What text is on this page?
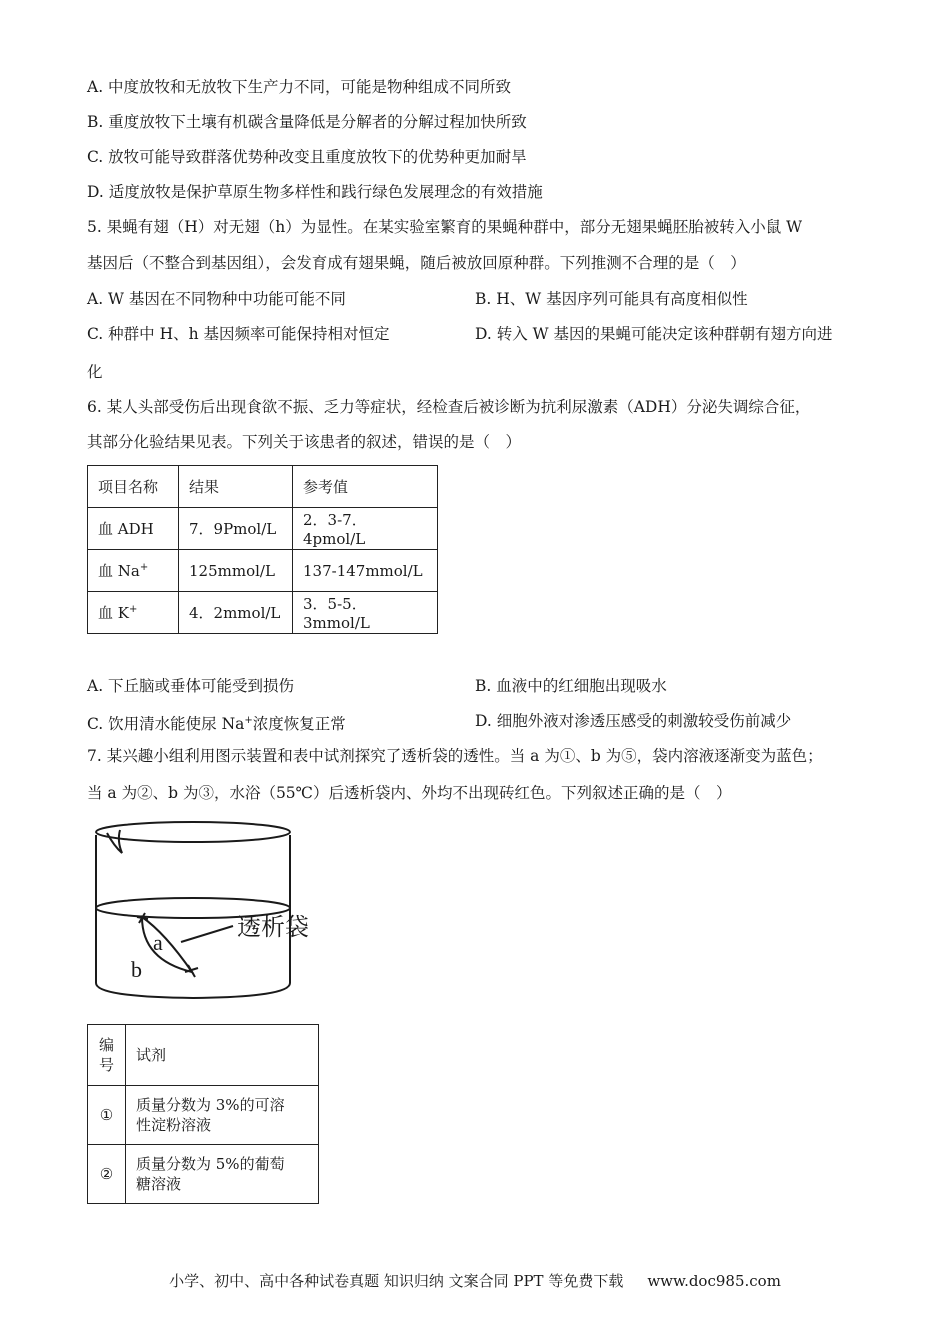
A. 中度放牧和无放牧下生产力不同，可能是物种组成不同所致
B. 重度放牧下土壤有机碳含量降低是分解者的分解过程加快所致
C. 放牧可能导致群落优势种改变且重度放牧下的优势种更加耐旱
D. 适度放牧是保护草原生物多样性和践行绿色发展理念的有效措施
5. 果蝇有翅（H）对无翅（h）为显性。在某实验室繁育的果蝇种群中，部分无翅果蝇胚胎被转入小鼠 W
基因后（不整合到基因组），会发育成有翅果蝇，随后被放回原种群。下列推测不合理的是（　）
A. W 基因在不同物种中功能可能不同	B. H、W 基因序列可能具有高度相似性
C. 种群中 H、h 基因频率可能保持相对恒定	D. 转入 W 基因的果蝇可能决定该种群朝有翅方向进
化
6. 某人头部受伤后出现食欲不振、乏力等症状，经检查后被诊断为抗利尿激素（ADH）分泌失调综合征，
其部分化验结果见表。下列关于该患者的叙述，错误的是（　）
项目名称	结果	参考值
血 ADH	7．9Pmol/L	2．3-7．4pmol/L
血 Na+	125mmol/L	137-147mmol/L
血 K+	4．2mmol/L	3．5-5．3mmol/L
A. 下丘脑或垂体可能受到损伤	B. 血液中的红细胞出现吸水
C. 饮用清水能使尿 Na+浓度恢复正常	D. 细胞外液对渗透压感受的刺激较受伤前减少
7. 某兴趣小组利用图示装置和表中试剂探究了透析袋的透性。当 a 为①、b 为⑤，袋内溶液逐渐变为蓝色；
当 a 为②、b 为③，水浴（55℃）后透析袋内、外均不出现砖红色。下列叙述正确的是（　）
a
b
透析袋
编号	试剂
①	质量分数为 3%的可溶
性淀粉溶液

②	质量分数为 5%的葡萄
糖溶液
小学、初中、高中各种试卷真题 知识归纳 文案合同 PPT 等免费下载 www.doc985.com
